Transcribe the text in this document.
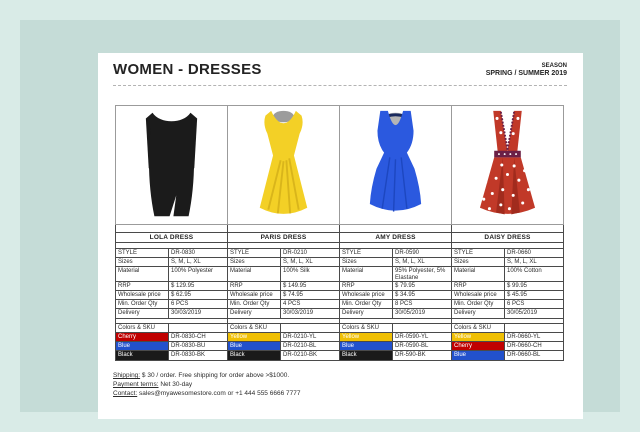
WOMEN - DRESSES	SEASON
SPRING / SUMMER 2019
LOLA DRESS
STYLE	DR-0830
Sizes	S, M, L, XL
Material	100% Polyester
RRP	$ 129.95
Wholesale price	$ 62.95
Min. Order Qty	6 PCS
Delivery	30/03/2019
Colors & SKU
Cherry	DR-0830-CH
Blue	DR-0830-BU
Black	DR-0830-BK
PARIS DRESS
STYLE	DR-0210
Sizes	S, M, L, XL
Material	100% Silk
RRP	$ 149.95
Wholesale price	$ 74.95
Min. Order Qty	4 PCS
Delivery	30/03/2019
Colors & SKU
Yellow	DR-0210-YL
Blue	DR-0210-BL
Black	DR-0210-BK
AMY DRESS
STYLE	DR-0590
Sizes	S, M, L, XL
Material	95% Polyester, 5% Elastane
RRP	$ 79.95
Wholesale price	$ 34.95
Min. Order Qty	8 PCS
Delivery	30/05/2019
Colors & SKU
Yellow	DR-0590-YL
Blue	DR-0590-BL
Black	DR-590-BK
DAISY DRESS
STYLE	DR-0660
Sizes	S, M, L, XL
Material	100% Cotton
RRP	$ 99.95
Wholesale price	$ 45.95
Min. Order Qty	6 PCS
Delivery	30/05/2019
Colors & SKU
Yellow	DR-0660-YL
Cherry	DR-0660-CH
Blue	DR-0660-BL
Shipping: $ 30 / order. Free shipping for order above >$1000.
Payment terms: Net 30-day
Contact: sales@myawesomestore.com or +1 444 555 6666 7777
